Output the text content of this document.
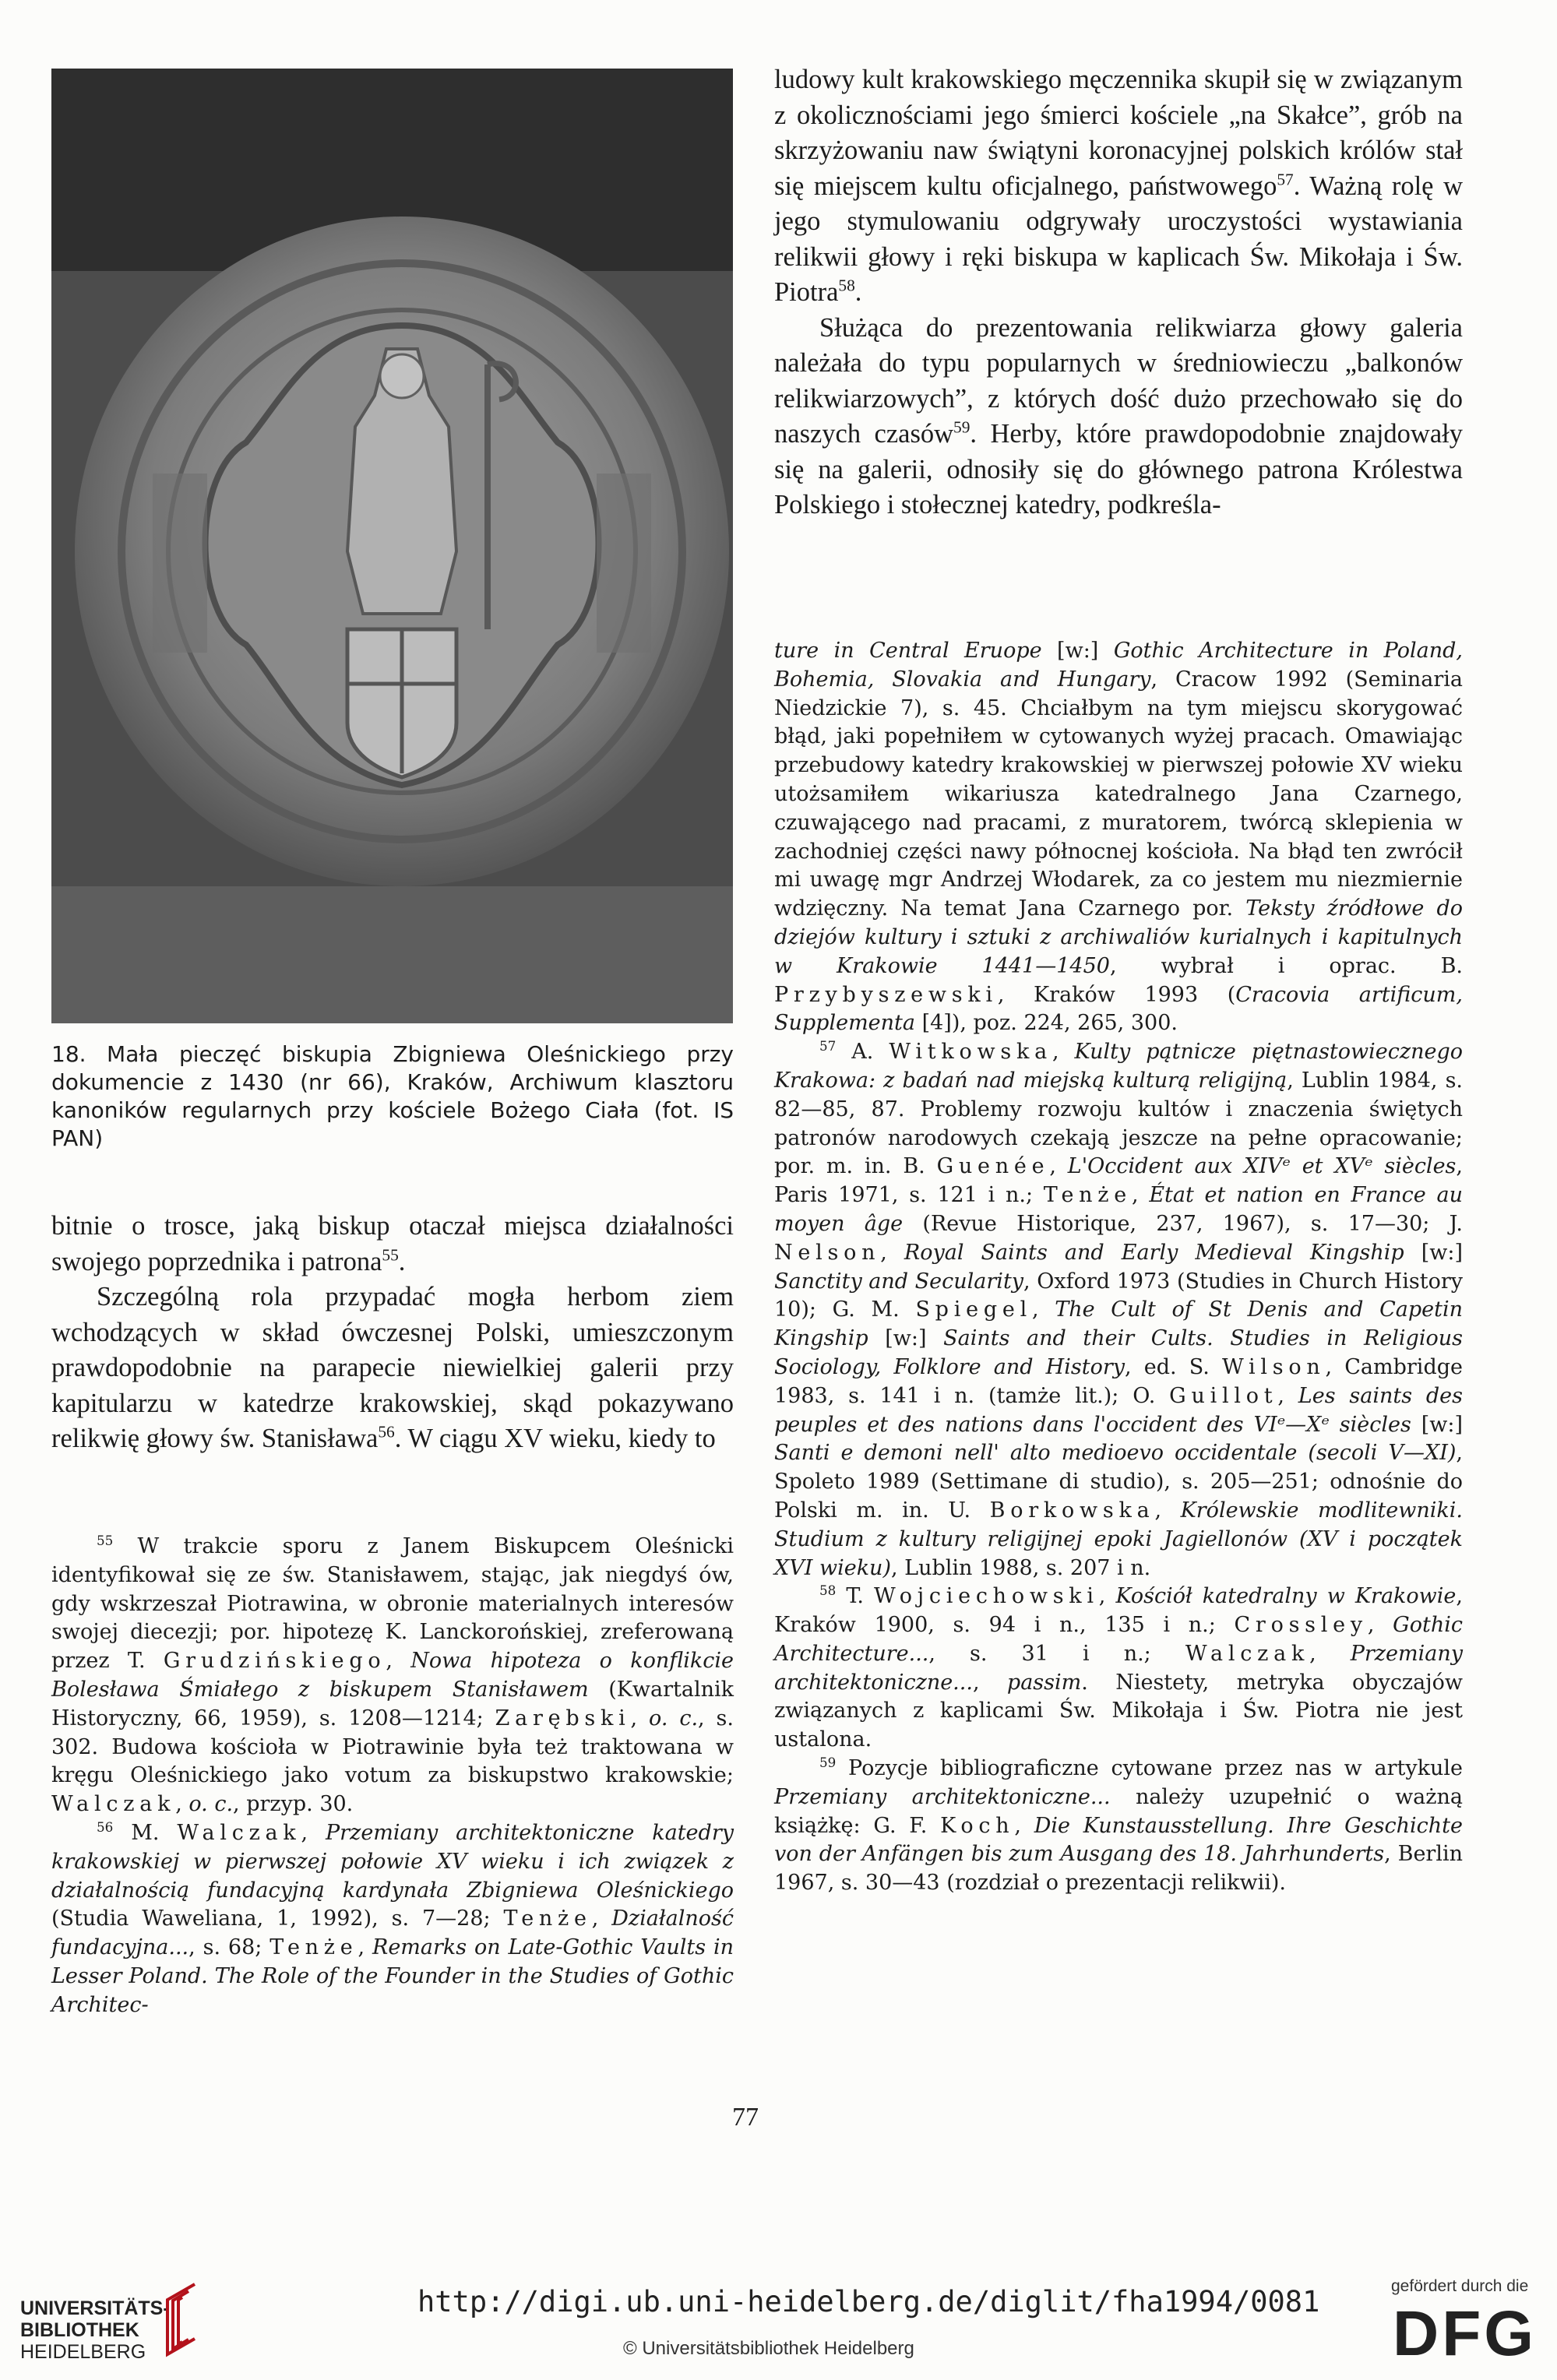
18. Mała pieczęć biskupia Zbigniewa Oleśnickiego przy dokumencie z 1430 (nr 66), Kraków, Archiwum klasztoru kanoników regularnych przy kościele Bożego Ciała (fot. IS PAN)

bitnie o trosce, jaką biskup otaczał miejsca działalności swojego poprzednika i patrona$^{55}$.

Szczególną rola przypadać mogła herbom ziem wchodzących w skład ówczesnej Polski, umieszczonym prawdopodobnie na parapecie niewielkiej galerii przy kapitularzu w katedrze krakowskiej, skąd pokazywano relikwię głowy św. Stanisława$^{56}$. W ciągu XV wieku, kiedy to

$^{55}$ W trakcie sporu z Janem Biskupcem Oleśnicki identyfikował się ze św. Stanisławem, stając, jak niegdyś ów, gdy wskrzeszał Piotrawina, w obronie materialnych interesów swojej diecezji; por. hipotezę K. Lanckorońskiej, zreferowaną przez T. Grudzińskiego, Nowa hipoteza o konflikcie Bolesława Śmiałego z biskupem Stanisławem (Kwartalnik Historyczny, 66, 1959), s. 1208—1214; Zarębski, o. c., s. 302. Budowa kościoła w Piotrawinie była też traktowana w kręgu Oleśnickiego jako votum za biskupstwo krakowskie; Walczak, o. c., przyp. 30.

$^{56}$ M. Walczak, Przemiany architektoniczne katedry krakowskiej w pierwszej połowie XV wieku i ich związek z działalnością fundacyjną kardynała Zbigniewa Oleśnickiego (Studia Waweliana, 1, 1992), s. 7—28; Tenże, Działalność fundacyjna..., s. 68; Tenże, Remarks on Late-Gothic Vaults in Lesser Poland. The Role of the Founder in the Studies of Gothic Architec-

ludowy kult krakowskiego męczennika skupił się w związanym z okolicznościami jego śmierci kościele „na Skałce”, grób na skrzyżowaniu naw świątyni koronacyjnej polskich królów stał się miejscem kultu oficjalnego, państwowego$^{57}$. Ważną rolę w jego stymulowaniu odgrywały uroczystości wystawiania relikwii głowy i ręki biskupa w kaplicach Św. Mikołaja i Św. Piotra$^{58}$.

Służąca do prezentowania relikwiarza głowy galeria należała do typu popularnych w średniowieczu „balkonów relikwiarzowych”, z których dość dużo przechowało się do naszych czasów$^{59}$. Herby, które prawdopodobnie znajdowały się na galerii, odnosiły się do głównego patrona Królestwa Polskiego i stołecznej katedry, podkreśla-

ture in Central Eruope [w:] Gothic Architecture in Poland, Bohemia, Slovakia and Hungary, Cracow 1992 (Seminaria Niedzickie 7), s. 45. Chciałbym na tym miejscu skorygować błąd, jaki popełniłem w cytowanych wyżej pracach. Omawiając przebudowy katedry krakowskiej w pierwszej połowie XV wieku utożsamiłem wikariusza katedralnego Jana Czarnego, czuwającego nad pracami, z muratorem, twórcą sklepienia w zachodniej części nawy północnej kościoła. Na błąd ten zwrócił mi uwagę mgr Andrzej Włodarek, za co jestem mu niezmiernie wdzięczny. Na temat Jana Czarnego por. Teksty źródłowe do dziejów kultury i sztuki z archiwaliów kurialnych i kapitulnych w Krakowie 1441—1450, wybrał i oprac. B. Przybyszewski, Kraków 1993 (Cracovia artificum, Supplementa [4]), poz. 224, 265, 300.

$^{57}$ A. Witkowska, Kulty pątnicze piętnastowiecznego Krakowa: z badań nad miejską kulturą religijną, Lublin 1984, s. 82—85, 87. Problemy rozwoju kultów i znaczenia świętych patronów narodowych czekają jeszcze na pełne opracowanie; por. m. in. B. Guenée, L'Occident aux XIVᵉ et XVᵉ siècles, Paris 1971, s. 121 i n.; Tenże, État et nation en France au moyen âge (Revue Historique, 237, 1967), s. 17—30; J. Nelson, Royal Saints and Early Medieval Kingship [w:] Sanctity and Secularity, Oxford 1973 (Studies in Church History 10); G. M. Spiegel, The Cult of St Denis and Capetin Kingship [w:] Saints and their Cults. Studies in Religious Sociology, Folklore and History, ed. S. Wilson, Cambridge 1983, s. 141 i n. (tamże lit.); O. Guillot, Les saints des peuples et des nations dans l'occident des VIᵉ—Xᵉ siècles [w:] Santi e demoni nell' alto medioevo occidentale (secoli V—XI), Spoleto 1989 (Settimane di studio), s. 205—251; odnośnie do Polski m. in. U. Borkowska, Królewskie modlitewniki. Studium z kultury religijnej epoki Jagiellonów (XV i początek XVI wieku), Lublin 1988, s. 207 i n.

$^{58}$ T. Wojciechowski, Kościół katedralny w Krakowie, Kraków 1900, s. 94 i n., 135 i n.; Crossley, Gothic Architecture..., s. 31 i n.; Walczak, Przemiany architektoniczne..., passim. Niestety, metryka obyczajów związanych z kaplicami Św. Mikołaja i Św. Piotra nie jest ustalona.

$^{59}$ Pozycje bibliograficzne cytowane przez nas w artykule Przemiany architektoniczne... należy uzupełnić o ważną książkę: G. F. Koch, Die Kunstausstellung. Ihre Geschichte von der Anfängen bis zum Ausgang des 18. Jahrhunderts, Berlin 1967, s. 30—43 (rozdział o prezentacji relikwii).

77
UNIVERSITÄTS-
BIBLIOTHEK
HEIDELBERG
http://digi.ub.uni-heidelberg.de/diglit/fha1994/0081
© Universitätsbibliothek Heidelberg
gefördert durch die
DFG
